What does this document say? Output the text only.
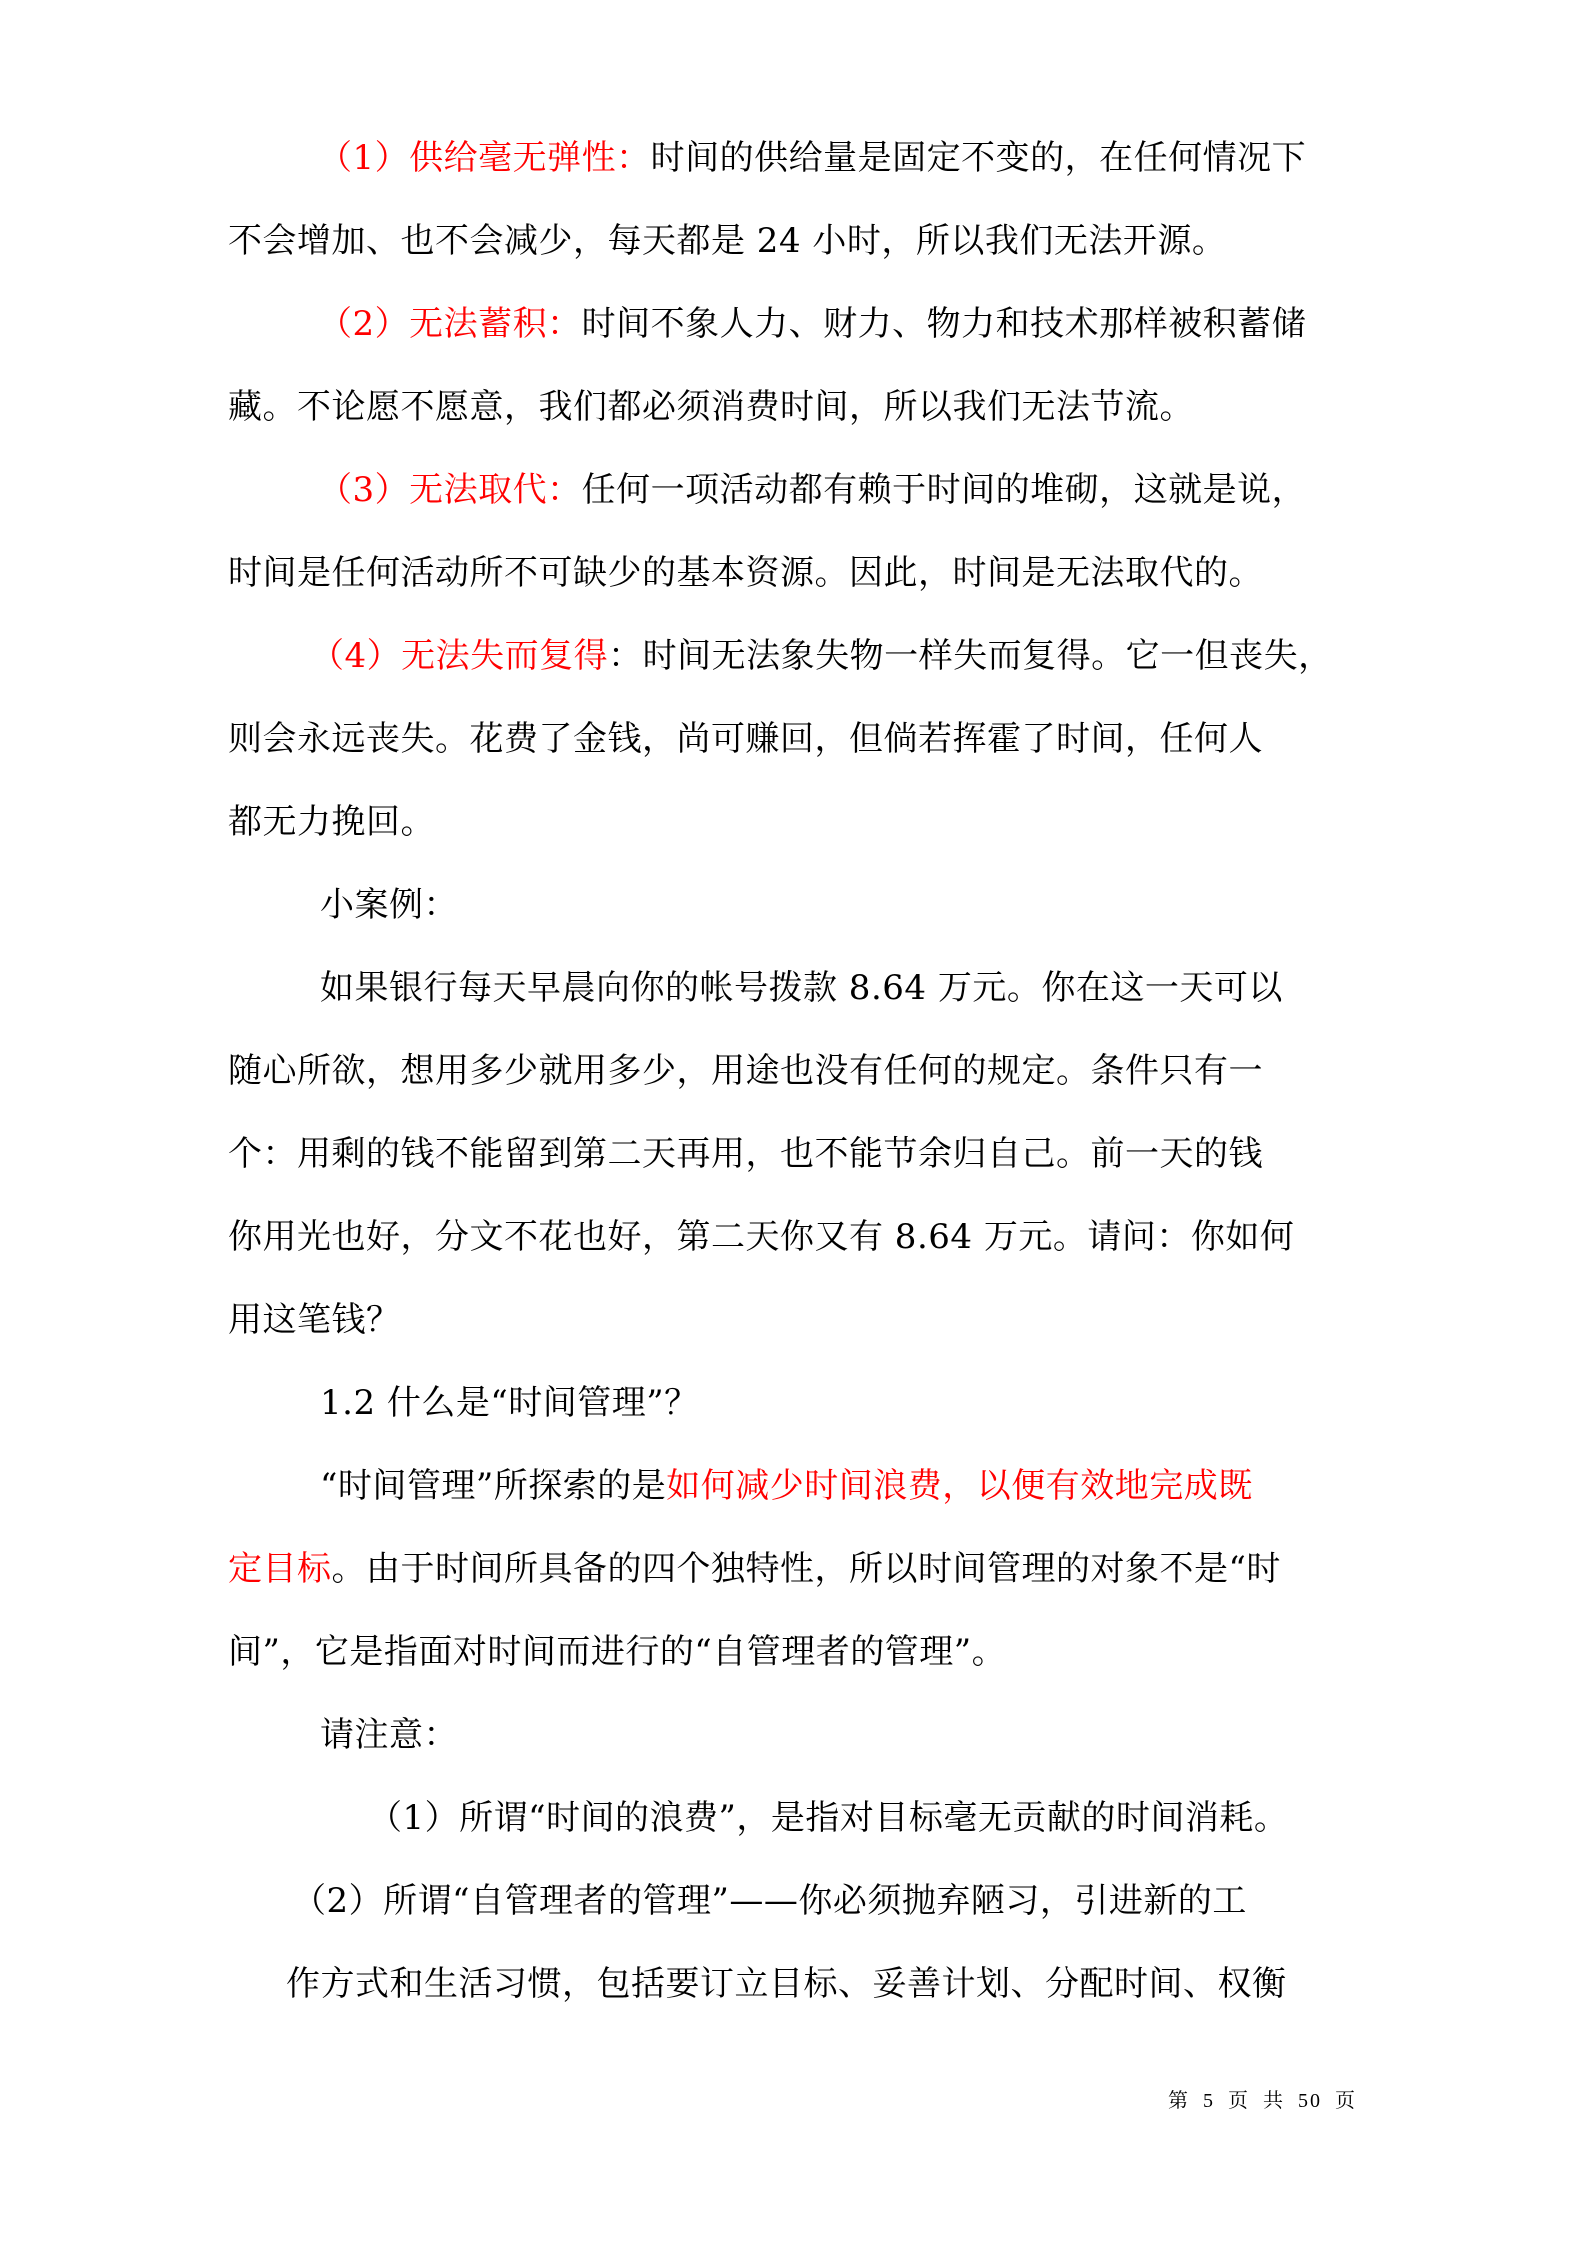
（1）供给毫无弹性：时间的供给量是固定不变的，在任何情况下
不会增加、也不会减少，每天都是 24 小时，所以我们无法开源。
（2）无法蓄积：时间不象人力、财力、物力和技术那样被积蓄储
藏。不论愿不愿意，我们都必须消费时间，所以我们无法节流。
（3）无法取代：任何一项活动都有赖于时间的堆砌，这就是说，
时间是任何活动所不可缺少的基本资源。因此，时间是无法取代的。
（4）无法失而复得：时间无法象失物一样失而复得。它一但丧失，
则会永远丧失。花费了金钱，尚可赚回，但倘若挥霍了时间，任何人
都无力挽回。
小案例：
如果银行每天早晨向你的帐号拨款 8.64 万元。你在这一天可以
随心所欲，想用多少就用多少，用途也没有任何的规定。条件只有一
个：用剩的钱不能留到第二天再用，也不能节余归自己。前一天的钱
你用光也好，分文不花也好，第二天你又有 8.64 万元。请问：你如何
用这笔钱？
1.2 什么是“时间管理”？
“时间管理”所探索的是如何减少时间浪费，以便有效地完成既
定目标。由于时间所具备的四个独特性，所以时间管理的对象不是“时
间”，它是指面对时间而进行的“自管理者的管理”。
请注意：
（1）所谓“时间的浪费”，是指对目标毫无贡献的时间消耗。
（2）所谓“自管理者的管理”——你必须抛弃陋习，引进新的工
作方式和生活习惯，包括要订立目标、妥善计划、分配时间、权衡
第 5 页 共 50 页
